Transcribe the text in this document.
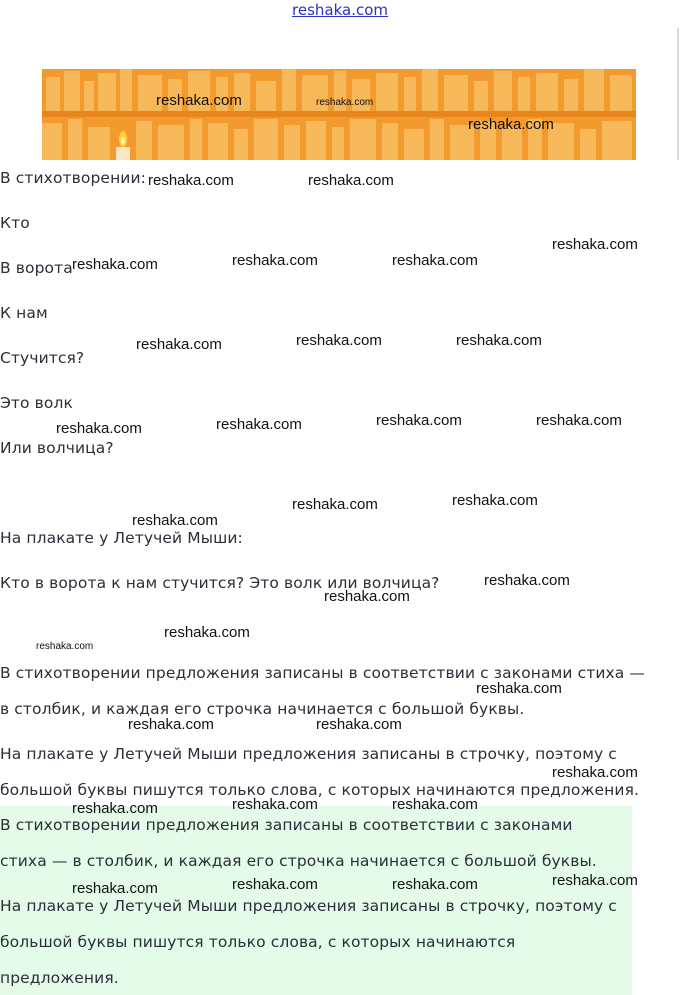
reshaka.com
В стихотворении:
Кто
В ворота
К нам
Стучится?
Это волк
Или волчица?
На плакате у Летучей Мыши:
Кто в ворота к нам стучится? Это волк или волчица?
В стихотворении предложения записаны в соответствии с законами стиха —
в столбик, и каждая его строчка начинается с большой буквы.
На плакате у Летучей Мыши предложения записаны в строчку, поэтому с
большой буквы пишутся только слова, с которых начинаются предложения.
В стихотворении предложения записаны в соответствии с законами
стиха — в столбик, и каждая его строчка начинается с большой буквы.
На плакате у Летучей Мыши предложения записаны в строчку, поэтому с
большой буквы пишутся только слова, с которых начинаются
предложения.
reshaka.com	reshaka.com
reshaka.com
reshaka.com	reshaka.com
reshaka.com
reshaka.com	reshaka.com	reshaka.com
reshaka.com	reshaka.com	reshaka.com
reshaka.com	reshaka.com	reshaka.com	reshaka.com
reshaka.com	reshaka.com
reshaka.com
reshaka.com
reshaka.com
reshaka.com
reshaka.com
reshaka.com
reshaka.com	reshaka.com
reshaka.com
reshaka.com	reshaka.com	reshaka.com
reshaka.com
reshaka.com	reshaka.com	reshaka.com
